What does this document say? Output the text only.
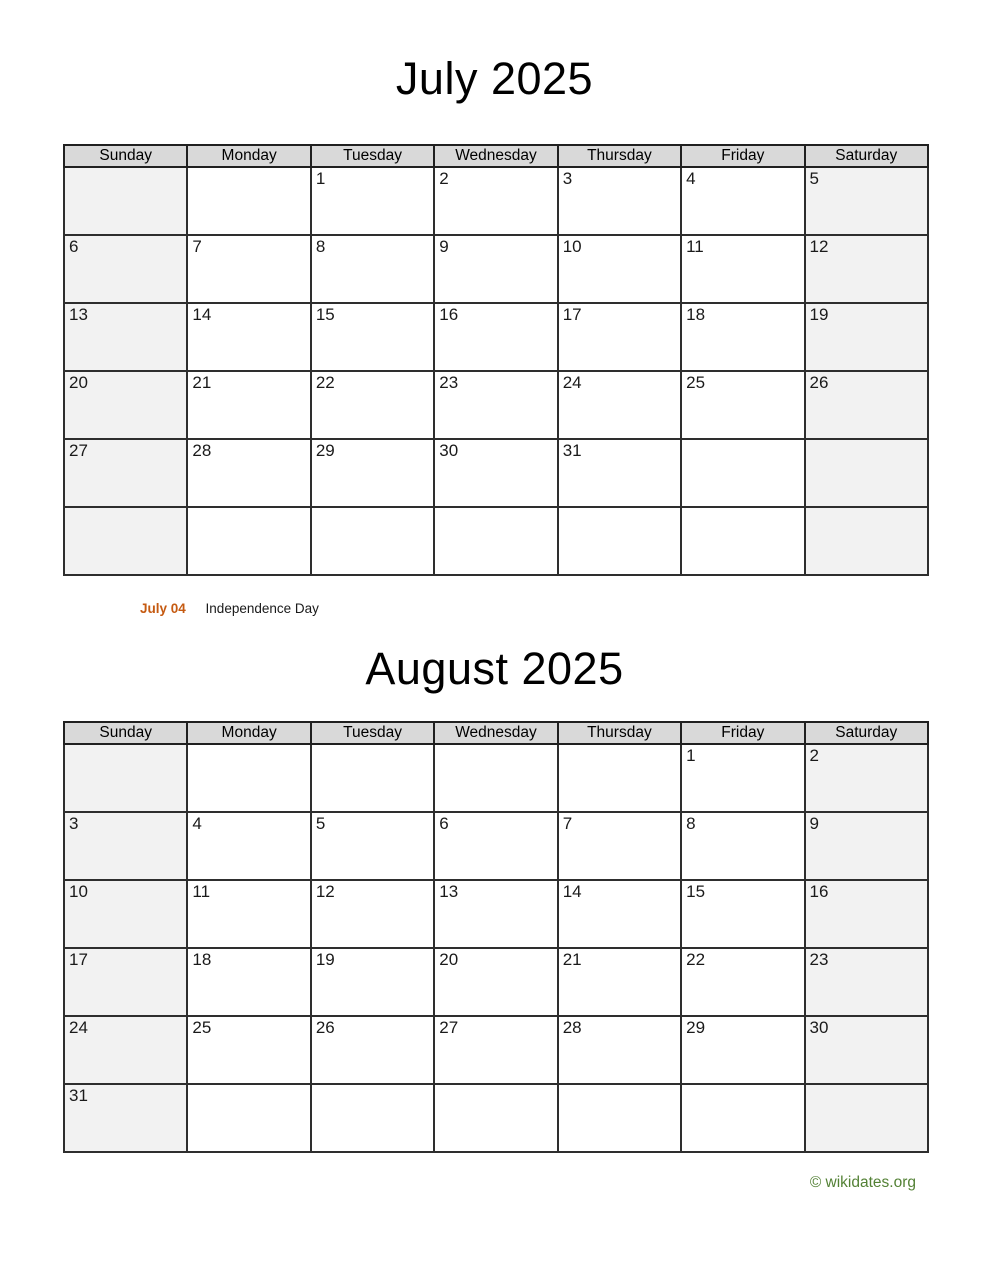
July 2025
Sunday	Monday	Tuesday	Wednesday	Thursday	Friday	Saturday
		1	2	3	4	5
6	7	8	9	10	11	12
13	14	15	16	17	18	19
20	21	22	23	24	25	26
27	28	29	30	31		

July 04 Independence Day
August 2025
Sunday	Monday	Tuesday	Wednesday	Thursday	Friday	Saturday
					1	2
3	4	5	6	7	8	9
10	11	12	13	14	15	16
17	18	19	20	21	22	23
24	25	26	27	28	29	30
31						
© wikidates.org
